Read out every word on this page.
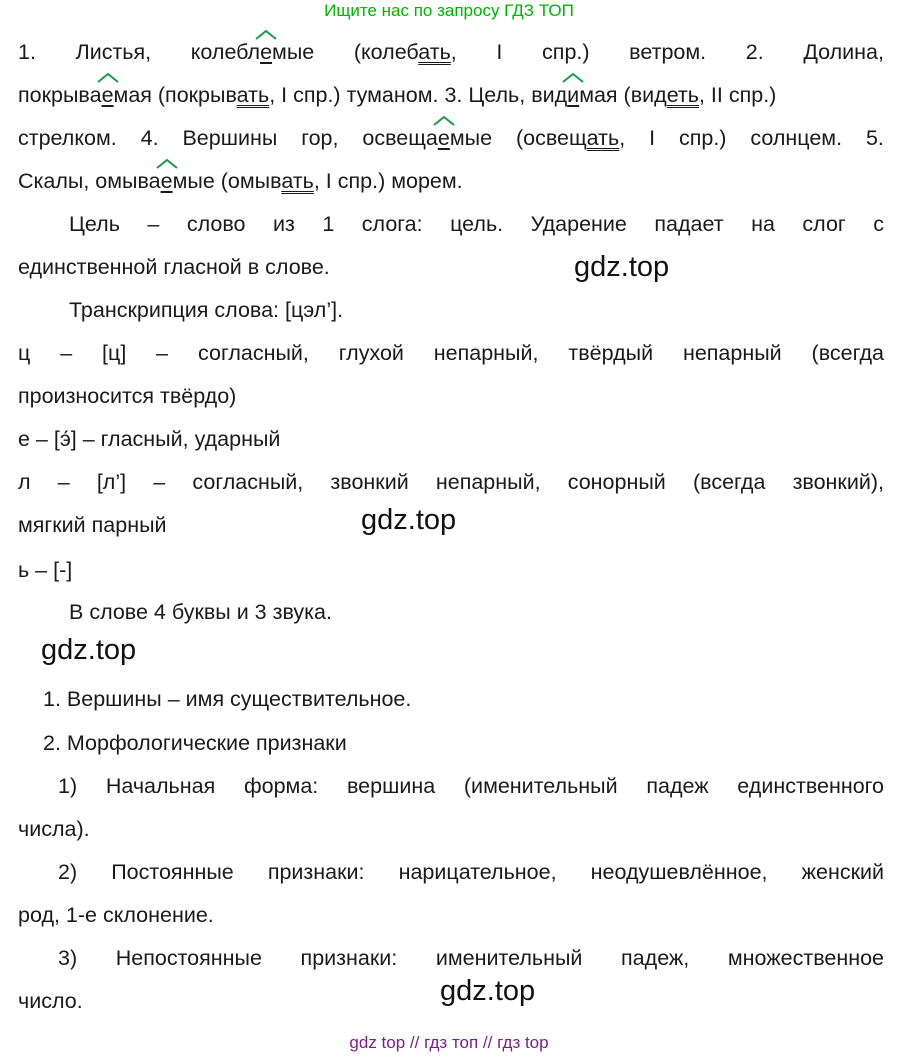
Ищите нас по запросу ГДЗ ТОП
1. Листья, колебл
емые (колебать, I спр.) ветром. 2. Долина,
покрыва
емая (покрывать, I спр.) туманом. 3. Цель, вид
имая (видеть, II спр.)
стрелком. 4. Вершины гор, освеща
емые (освещать, I спр.) солнцем. 5.
Скалы, омыва
емые (омывать, I спр.) морем.
Цель – слово из 1 слога: цель. Ударение падает на слог с
единственной гласной в слове.	gdz.top
Транскрипция слова: [цэл’].
ц – [ц] – согласный, глухой непарный, твёрдый непарный (всегда
произносится твёрдо)
е – [э́] – гласный, ударный
л – [л’] – согласный, звонкий непарный, сонорный (всегда звонкий),
мягкий парный	gdz.top
ь – [-]
В слове 4 буквы и 3 звука.
gdz.top
1. Вершины – имя существительное.
2. Морфологические признаки
1) Начальная форма: вершина (именительный падеж единственного
числа).
2) Постоянные признаки: нарицательное, неодушевлённое, женский
род, 1-е склонение.
3) Непостоянные признаки: именительный падеж, множественное
число.	gdz.top
gdz top // гдз топ // гдз top
